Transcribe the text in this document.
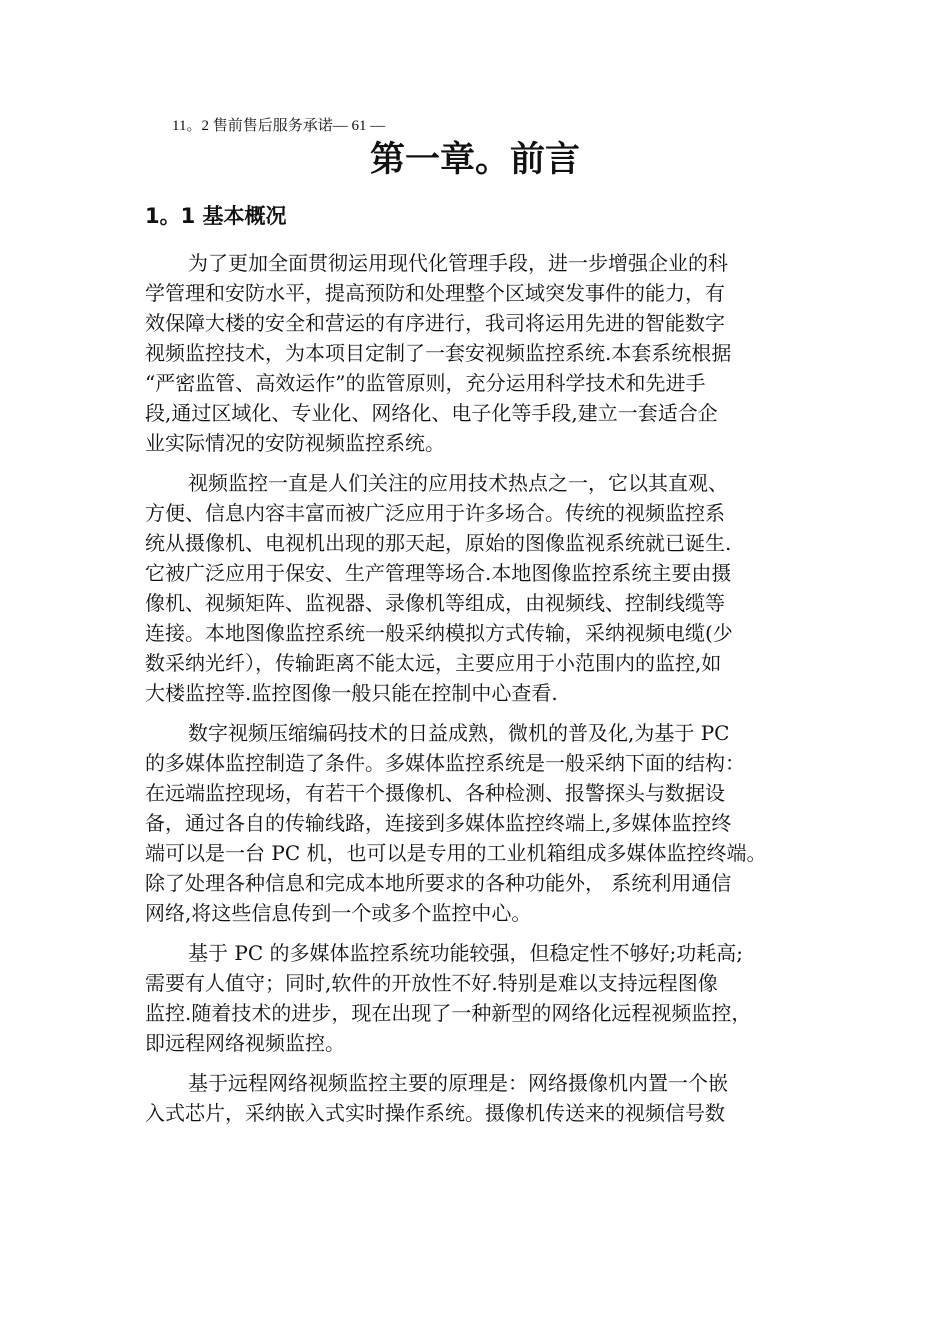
11。2 售前售后服务承诺— 61 —
第一章。前言
1。1 基本概况
为了更加全面贯彻运用现代化管理手段，进一步增强企业的科
学管理和安防水平，提高预防和处理整个区域突发事件的能力，有
效保障大楼的安全和营运的有序进行，我司将运用先进的智能数字
视频监控技术，为本项目定制了一套安视频监控系统.本套系统根据
“严密监管、高效运作”的监管原则，充分运用科学技术和先进手
段,通过区域化、专业化、网络化、电子化等手段,建立一套适合企
业实际情况的安防视频监控系统。
视频监控一直是人们关注的应用技术热点之一，它以其直观、
方便、信息内容丰富而被广泛应用于许多场合。传统的视频监控系
统从摄像机、电视机出现的那天起，原始的图像监视系统就已诞生.
它被广泛应用于保安、生产管理等场合.本地图像监控系统主要由摄
像机、视频矩阵、监视器、录像机等组成，由视频线、控制线缆等
连接。本地图像监控系统一般采纳模拟方式传输，采纳视频电缆(少
数采纳光纤），传输距离不能太远，主要应用于小范围内的监控,如
大楼监控等.监控图像一般只能在控制中心查看.
数字视频压缩编码技术的日益成熟，微机的普及化,为基于 PC
的多媒体监控制造了条件。多媒体监控系统是一般采纳下面的结构：
在远端监控现场，有若干个摄像机、各种检测、报警探头与数据设
备，通过各自的传输线路，连接到多媒体监控终端上,多媒体监控终
端可以是一台 PC 机，也可以是专用的工业机箱组成多媒体监控终端。
除了处理各种信息和完成本地所要求的各种功能外， 系统利用通信
网络,将这些信息传到一个或多个监控中心。
基于 PC 的多媒体监控系统功能较强，但稳定性不够好;功耗高;
需要有人值守；同时,软件的开放性不好.特别是难以支持远程图像
监控.随着技术的进步，现在出现了一种新型的网络化远程视频监控，
即远程网络视频监控。
基于远程网络视频监控主要的原理是：网络摄像机内置一个嵌
入式芯片，采纳嵌入式实时操作系统。摄像机传送来的视频信号数
